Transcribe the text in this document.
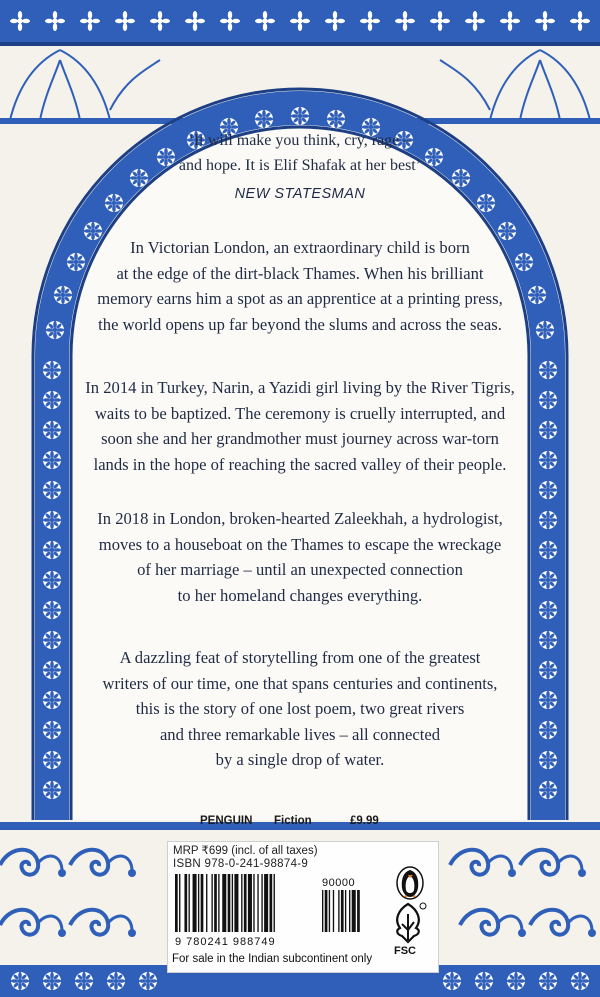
‘It will make you think, cry, rage –
and hope. It is Elif Shafak at her best’
NEW STATESMAN
In Victorian London, an extraordinary child is born
at the edge of the dirt-black Thames. When his brilliant
memory earns him a spot as an apprentice at a printing press,
the world opens up far beyond the slums and across the seas.
In 2014 in Turkey, Narin, a Yazidi girl living by the River Tigris,
waits to be baptized. The ceremony is cruelly interrupted, and
soon she and her grandmother must journey across war-torn
lands in the hope of reaching the sacred valley of their people.
In 2018 in London, broken-hearted Zaleekhah, a hydrologist,
moves to a houseboat on the Thames to escape the wreckage
of her marriage – until an unexpected connection
to her homeland changes everything.
A dazzling feat of storytelling from one of the greatest
writers of our time, one that spans centuries and continents,
this is the story of one lost poem, two great rivers
and three remarkable lives – all connected
by a single drop of water.
PENGUIN Fiction	£9.99
MRP ₹699 (incl. of all taxes)
ISBN 978-0-241-98874-9
90000
9 780241 988749
For sale in the Indian subcontinent only
FSC
